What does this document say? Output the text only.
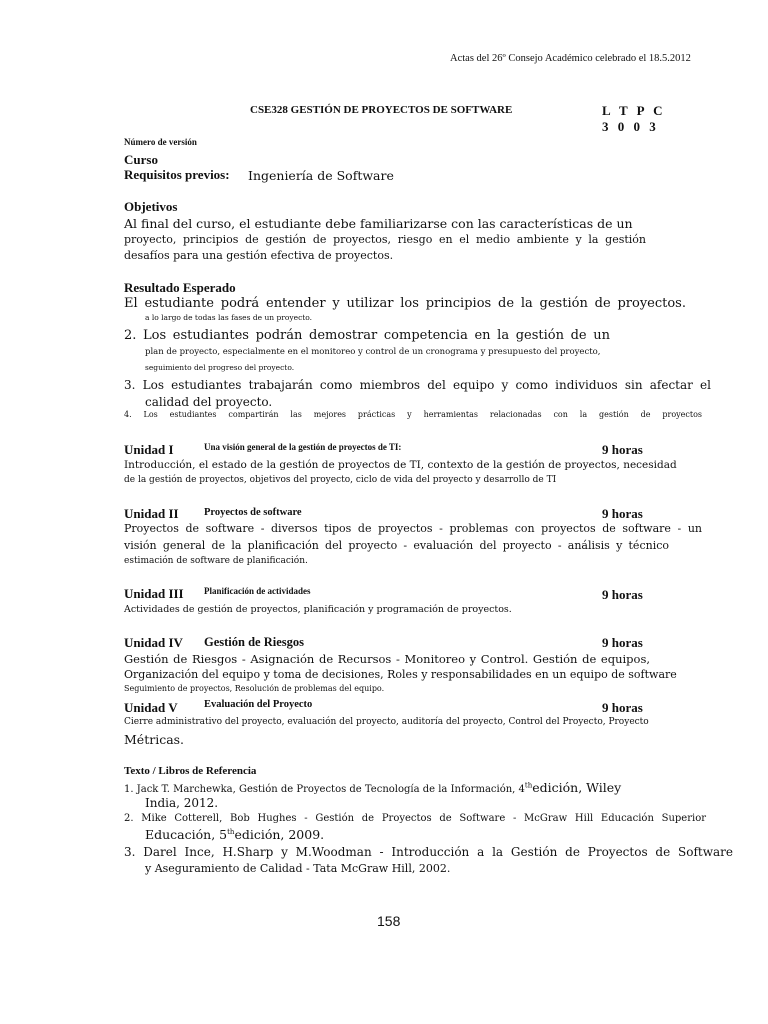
Actas del 26º Consejo Académico celebrado el 18.5.2012
CSE328 GESTIÓN DE PROYECTOS DE SOFTWARE	L T P C
3 0 0 3
Número de versión
Curso
Requisitos previos: Ingeniería de Software
Objetivos
Al final del curso, el estudiante debe familiarizarse con las características de un
proyecto, principios de gestión de proyectos, riesgo en el medio ambiente y la gestión
desafíos para una gestión efectiva de proyectos.
Resultado Esperado
El estudiante podrá entender y utilizar los principios de la gestión de proyectos.
a lo largo de todas las fases de un proyecto.
2. Los estudiantes podrán demostrar competencia en la gestión de un
plan de proyecto, especialmente en el monitoreo y control de un cronograma y presupuesto del proyecto,
seguimiento del progreso del proyecto.
3. Los estudiantes trabajarán como miembros del equipo y como individuos sin afectar el
calidad del proyecto.
4. Los estudiantes compartirán las mejores prácticas y herramientas relacionadas con la gestión de proyectos
Unidad I	Una visión general de la gestión de proyectos de TI:	9 horas
Introducción, el estado de la gestión de proyectos de TI, contexto de la gestión de proyectos, necesidad
de la gestión de proyectos, objetivos del proyecto, ciclo de vida del proyecto y desarrollo de TI
Unidad II Proyectos de software	9 horas
Proyectos de software - diversos tipos de proyectos - problemas con proyectos de software - un
visión general de la planificación del proyecto - evaluación del proyecto - análisis y técnico
estimación de software de planificación.
Unidad III Planificación de actividades	9 horas
Actividades de gestión de proyectos, planificación y programación de proyectos.
Unidad IV Gestión de Riesgos	9 horas
Gestión de Riesgos - Asignación de Recursos - Monitoreo y Control. Gestión de equipos,
Organización del equipo y toma de decisiones, Roles y responsabilidades en un equipo de software
Seguimiento de proyectos, Resolución de problemas del equipo.
Unidad V	Evaluación del Proyecto	9 horas
Cierre administrativo del proyecto, evaluación del proyecto, auditoría del proyecto, Control del Proyecto, Proyecto
Métricas.
Texto / Libros de Referencia
1. Jack T. Marchewka, Gestión de Proyectos de Tecnología de la Información, 4thedición, Wiley
India, 2012.
2. Mike Cotterell, Bob Hughes - Gestión de Proyectos de Software - McGraw Hill Educación Superior
Educación, 5thedición, 2009.
3. Darel Ince, H.Sharp y M.Woodman - Introducción a la Gestión de Proyectos de Software
y Aseguramiento de Calidad - Tata McGraw Hill, 2002.
158
